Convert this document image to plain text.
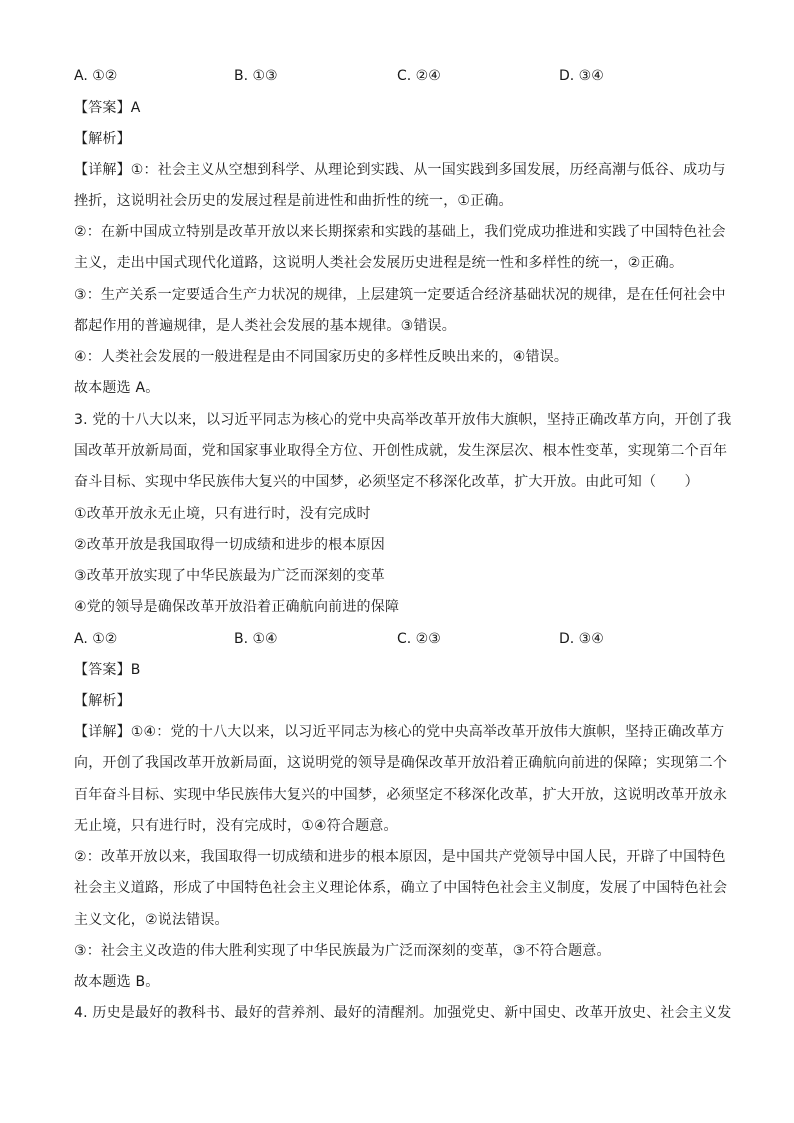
A. ①②	B. ①③	C. ②④	D. ③④
【答案】A
【解析】
【详解】①：社会主义从空想到科学、从理论到实践、从一国实践到多国发展，历经高潮与低谷、成功与
挫折，这说明社会历史的发展过程是前进性和曲折性的统一，①正确。
②：在新中国成立特别是改革开放以来长期探索和实践的基础上，我们党成功推进和实践了中国特色社会
主义，走出中国式现代化道路，这说明人类社会发展历史进程是统一性和多样性的统一，②正确。
③：生产关系一定要适合生产力状况的规律，上层建筑一定要适合经济基础状况的规律，是在任何社会中
都起作用的普遍规律，是人类社会发展的基本规律。③错误。
④：人类社会发展的一般进程是由不同国家历史的多样性反映出来的，④错误。
故本题选 A。
3. 党的十八大以来，以习近平同志为核心的党中央高举改革开放伟大旗帜，坚持正确改革方向，开创了我
国改革开放新局面，党和国家事业取得全方位、开创性成就，发生深层次、根本性变革，实现第二个百年
奋斗目标、实现中华民族伟大复兴的中国梦，必须坚定不移深化改革，扩大开放。由此可知（　　）
①改革开放永无止境，只有进行时，没有完成时
②改革开放是我国取得一切成绩和进步的根本原因
③改革开放实现了中华民族最为广泛而深刻的变革
④党的领导是确保改革开放沿着正确航向前进的保障
A. ①②	B. ①④	C. ②③	D. ③④
【答案】B
【解析】
【详解】①④：党的十八大以来，以习近平同志为核心的党中央高举改革开放伟大旗帜，坚持正确改革方
向，开创了我国改革开放新局面，这说明党的领导是确保改革开放沿着正确航向前进的保障；实现第二个
百年奋斗目标、实现中华民族伟大复兴的中国梦，必须坚定不移深化改革，扩大开放，这说明改革开放永
无止境，只有进行时，没有完成时，①④符合题意。
②：改革开放以来，我国取得一切成绩和进步的根本原因，是中国共产党领导中国人民，开辟了中国特色
社会主义道路，形成了中国特色社会主义理论体系，确立了中国特色社会主义制度，发展了中国特色社会
主义文化，②说法错误。
③：社会主义改造的伟大胜利实现了中华民族最为广泛而深刻的变革，③不符合题意。
故本题选 B。
4. 历史是最好的教科书、最好的营养剂、最好的清醒剂。加强党史、新中国史、改革开放史、社会主义发
